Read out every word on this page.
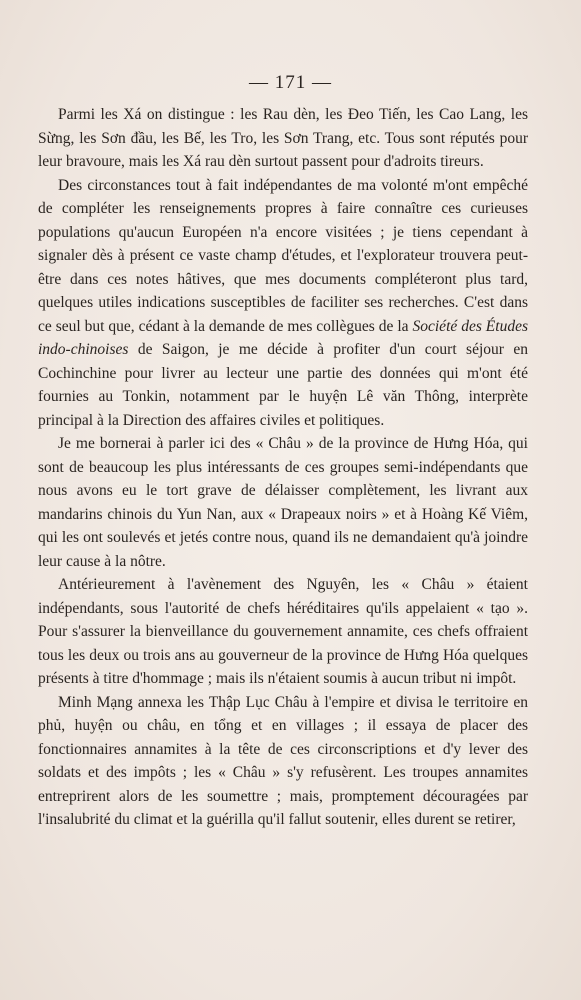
— 171 —

Parmi les Xá on distingue : les Rau dèn, les Đeo Tiến, les Cao Lang, les Sừng, les Sơn đầu, les Bế, les Tro, les Sơn Trang, etc. Tous sont réputés pour leur bravoure, mais les Xá rau dèn surtout passent pour d'adroits tireurs.

Des circonstances tout à fait indépendantes de ma volonté m'ont empêché de compléter les renseignements propres à faire connaître ces curieuses populations qu'aucun Européen n'a encore visitées ; je tiens cependant à signaler dès à présent ce vaste champ d'études, et l'explorateur trouvera peut-être dans ces notes hâtives, que mes documents compléteront plus tard, quelques utiles indications susceptibles de faciliter ses recherches. C'est dans ce seul but que, cédant à la demande de mes collègues de la Société des Études indo-chinoises de Saigon, je me décide à profiter d'un court séjour en Cochinchine pour livrer au lecteur une partie des données qui m'ont été fournies au Tonkin, notamment par le huyện Lê văn Thông, interprète principal à la Direction des affaires civiles et politiques.

Je me bornerai à parler ici des « Châu » de la province de Hưng Hóa, qui sont de beaucoup les plus intéressants de ces groupes semi-indépendants que nous avons eu le tort grave de délaisser complètement, les livrant aux mandarins chinois du Yun Nan, aux « Drapeaux noirs » et à Hoàng Kế Viêm, qui les ont soulevés et jetés contre nous, quand ils ne demandaient qu'à joindre leur cause à la nôtre.

Antérieurement à l'avènement des Nguyên, les « Châu » étaient indépendants, sous l'autorité de chefs héréditaires qu'ils appelaient « tạo ». Pour s'assurer la bienveillance du gouvernement annamite, ces chefs offraient tous les deux ou trois ans au gouverneur de la province de Hưng Hóa quelques présents à titre d'hommage ; mais ils n'étaient soumis à aucun tribut ni impôt.

Minh Mạng annexa les Thập Lục Châu à l'empire et divisa le territoire en phủ, huyện ou châu, en tổng et en villages ; il essaya de placer des fonctionnaires annamites à la tête de ces circonscriptions et d'y lever des soldats et des impôts ; les « Châu » s'y refusèrent. Les troupes annamites entreprirent alors de les soumettre ; mais, promptement découragées par l'insalubrité du climat et la guérilla qu'il fallut soutenir, elles durent se retirer,
